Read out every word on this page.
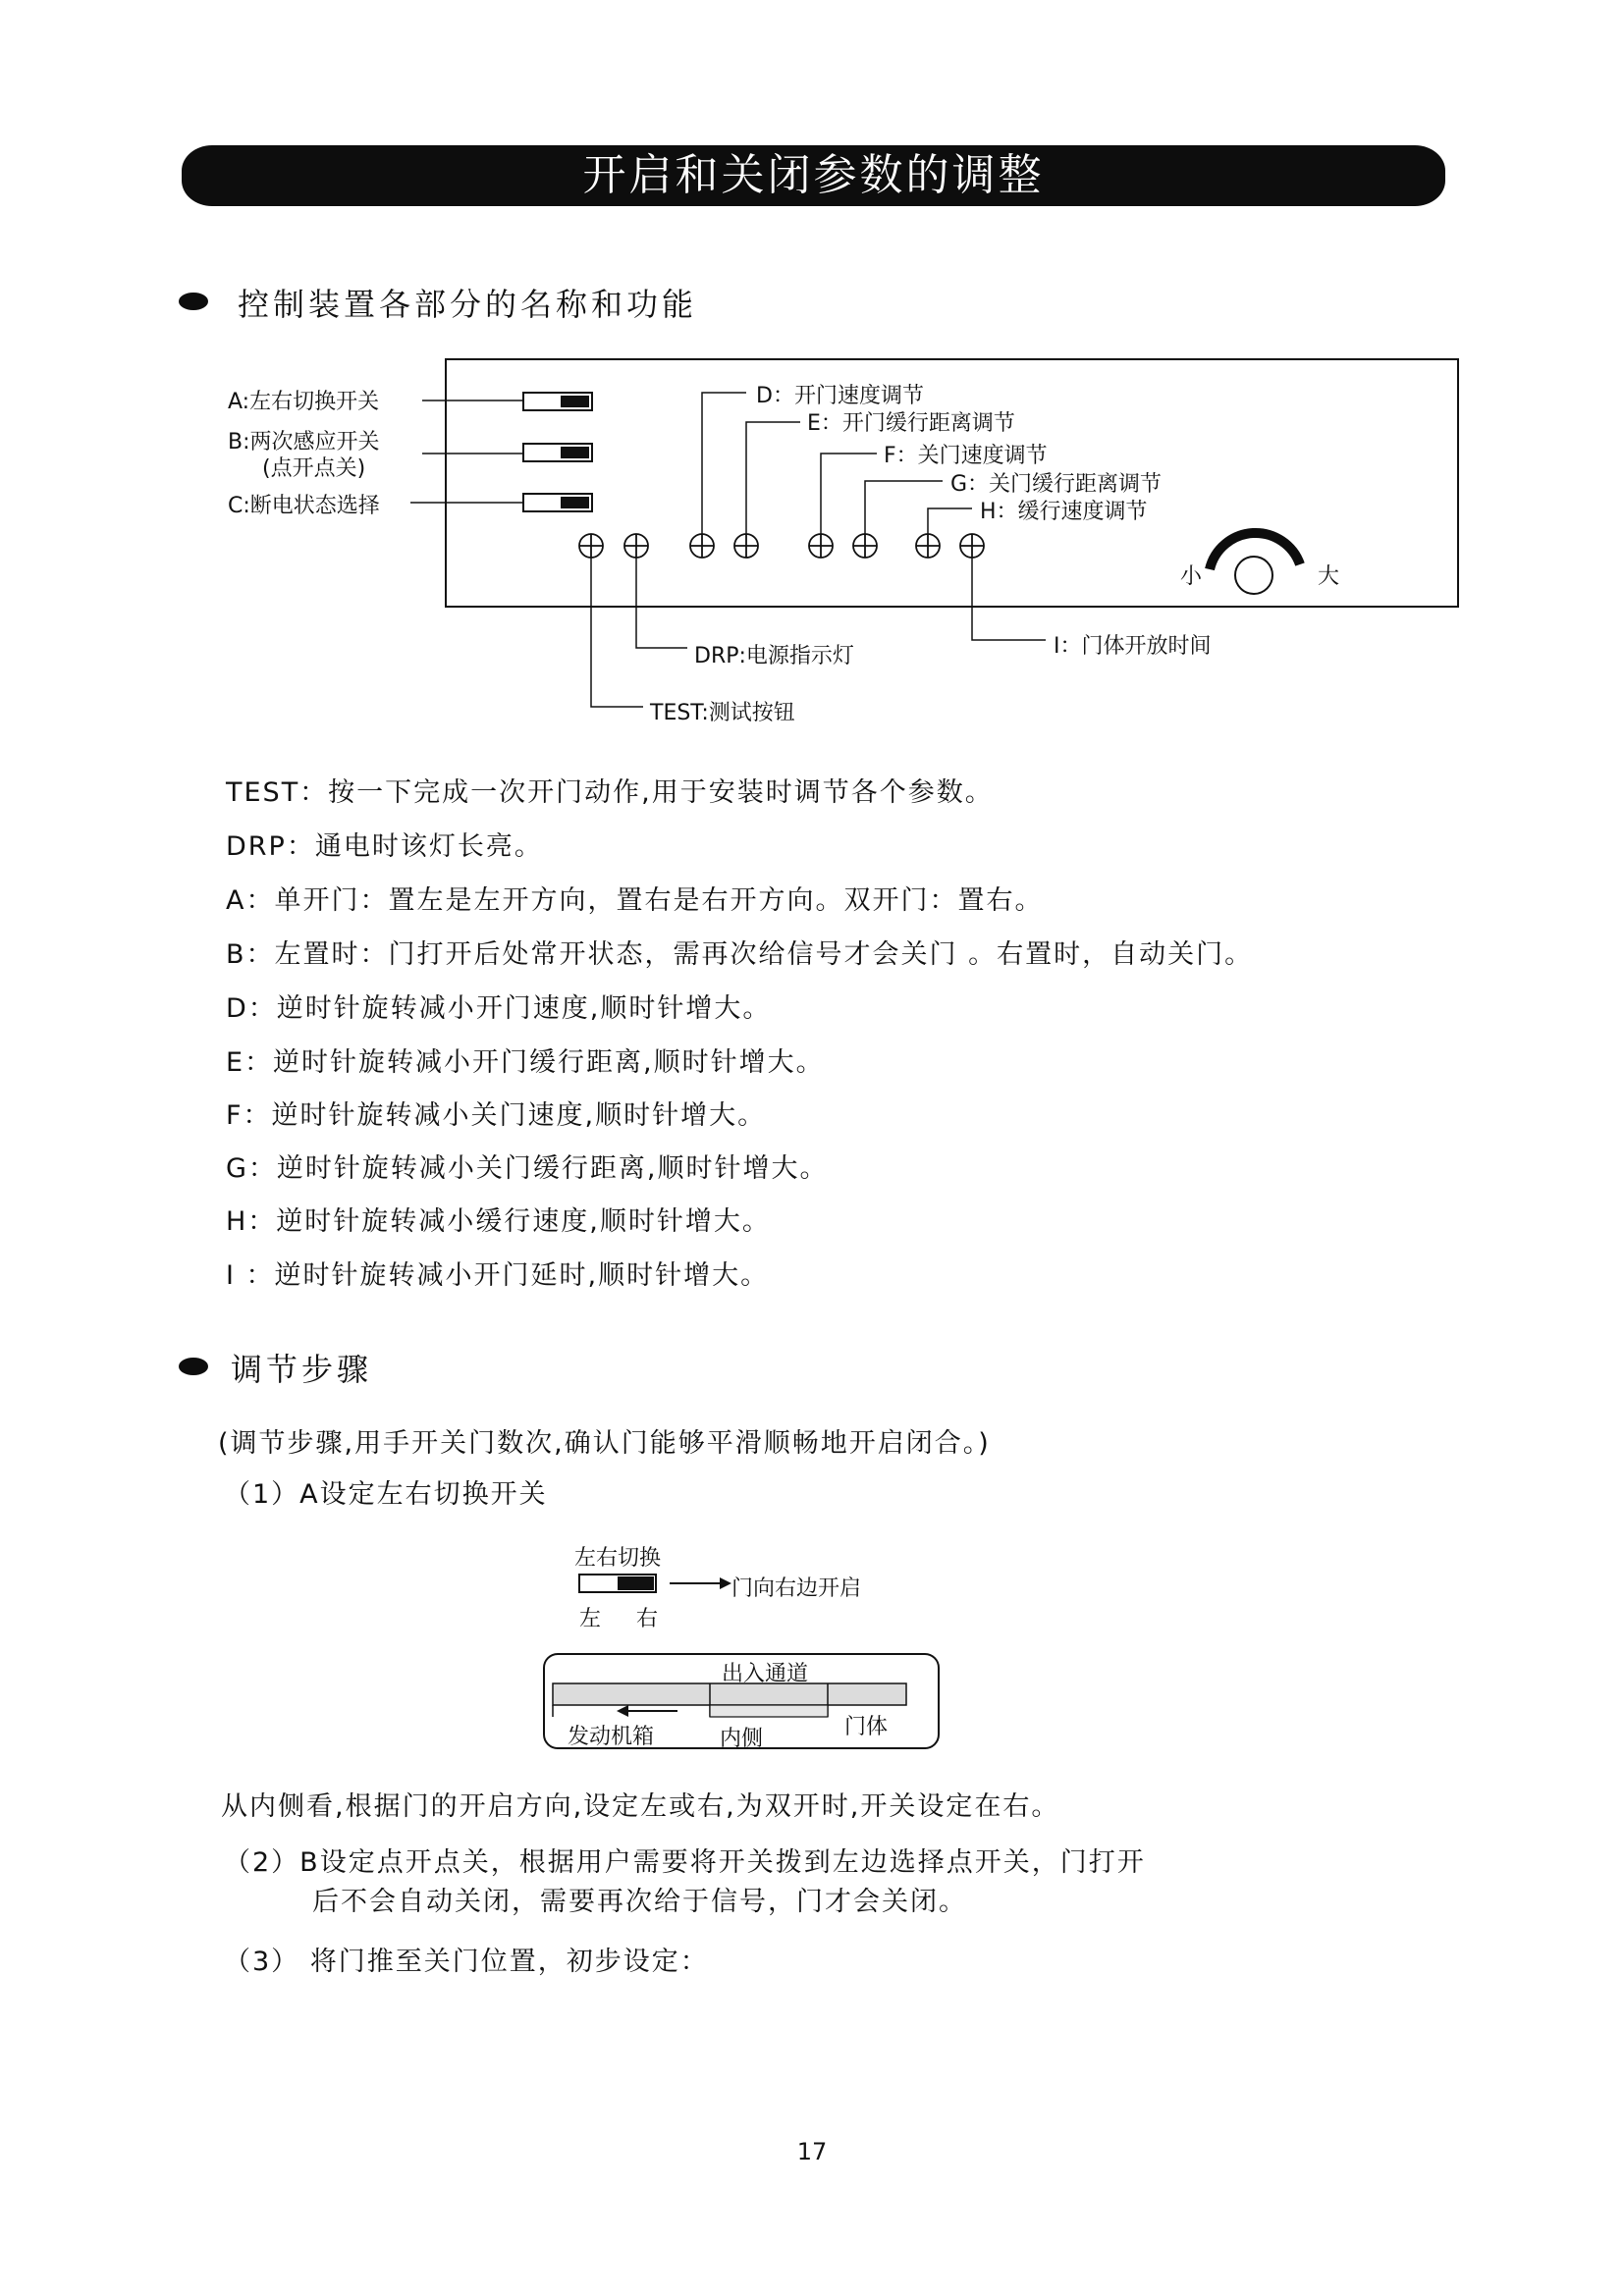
开启和关闭参数的调整
控制装置各部分的名称和功能
A:左右切换开关
B:两次感应开关
(点开点关)
C:断电状态选择
D：开门速度调节
E：开门缓行距离调节
F：关门速度调节
G：关门缓行距离调节
H：缓行速度调节
小	大
DRP:电源指示灯	I：门体开放时间
TEST:测试按钮
TEST：按一下完成一次开门动作,用于安装时调节各个参数。
DRP：通电时该灯长亮。
A：单开门：置左是左开方向，置右是右开方向。双开门：置右。
B：左置时：门打开后处常开状态，需再次给信号才会关门 。右置时，自动关门。
D：逆时针旋转减小开门速度,顺时针增大。
E：逆时针旋转减小开门缓行距离,顺时针增大。
F：逆时针旋转减小关门速度,顺时针增大。
G：逆时针旋转减小关门缓行距离,顺时针增大。
H：逆时针旋转减小缓行速度,顺时针增大。
I ：逆时针旋转减小开门延时,顺时针增大。
调节步骤
(调节步骤,用手开关门数次,确认门能够平滑顺畅地开启闭合。)
（1）A设定左右切换开关
左右切换
门向右边开启
左 右
出入通道
发动机箱	内侧	门体
从内侧看,根据门的开启方向,设定左或右,为双开时,开关设定在右。
（2）B设定点开点关，根据用户需要将开关拨到左边选择点开关，门打开
后不会自动关闭，需要再次给于信号，门才会关闭。
（3） 将门推至关门位置，初步设定：
17
